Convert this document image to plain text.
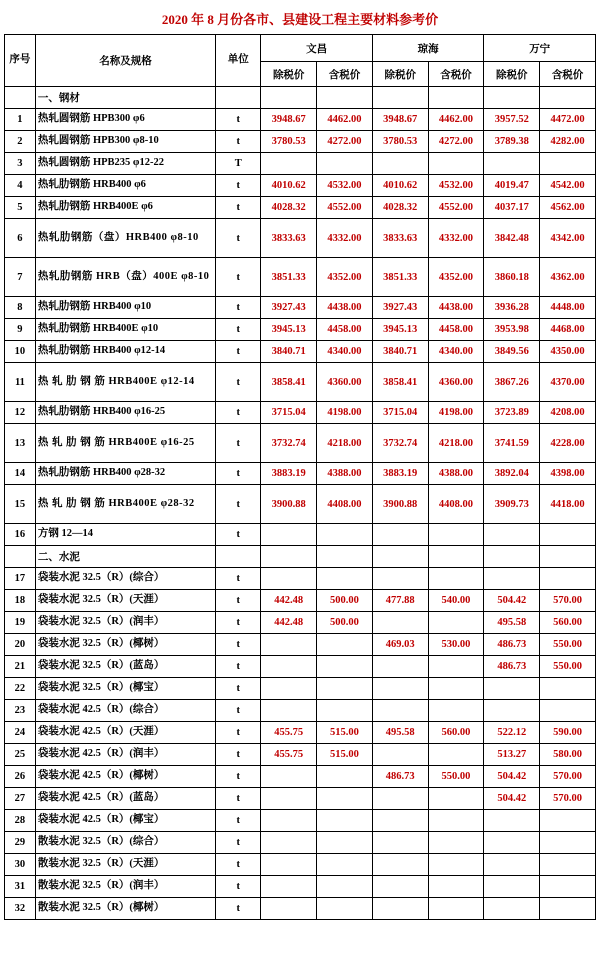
2020 年 8 月份各市、县建设工程主要材料参考价
序号	名称及规格	单位	文昌		琼海		万宁	
			除税价	含税价	除税价	含税价	除税价	含税价
	一、钢材							
1	热轧圆钢筋 HPB300 φ6	t	3948.67	4462.00	3948.67	4462.00	3957.52	4472.00
2	热轧圆钢筋 HPB300 φ8-10	t	3780.53	4272.00	3780.53	4272.00	3789.38	4282.00
3	热轧圆钢筋 HPB235 φ12-22	T						
4	热轧肋钢筋 HRB400 φ6	t	4010.62	4532.00	4010.62	4532.00	4019.47	4542.00
5	热轧肋钢筋 HRB400E φ6	t	4028.32	4552.00	4028.32	4552.00	4037.17	4562.00
6	热轧肋钢筋（盘）HRB400 φ8-10	t	3833.63	4332.00	3833.63	4332.00	3842.48	4342.00
7	热轧肋钢筋 HRB（盘）400E φ8-10	t	3851.33	4352.00	3851.33	4352.00	3860.18	4362.00
8	热轧肋钢筋 HRB400 φ10	t	3927.43	4438.00	3927.43	4438.00	3936.28	4448.00
9	热轧肋钢筋 HRB400E φ10	t	3945.13	4458.00	3945.13	4458.00	3953.98	4468.00
10	热轧肋钢筋 HRB400 φ12-14	t	3840.71	4340.00	3840.71	4340.00	3849.56	4350.00
11	热 轧 肋 钢 筋 HRB400E φ12-14	t	3858.41	4360.00	3858.41	4360.00	3867.26	4370.00
12	热轧肋钢筋 HRB400 φ16-25	t	3715.04	4198.00	3715.04	4198.00	3723.89	4208.00
13	热 轧 肋 钢 筋 HRB400E φ16-25	t	3732.74	4218.00	3732.74	4218.00	3741.59	4228.00
14	热轧肋钢筋 HRB400 φ28-32	t	3883.19	4388.00	3883.19	4388.00	3892.04	4398.00
15	热 轧 肋 钢 筋 HRB400E φ28-32	t	3900.88	4408.00	3900.88	4408.00	3909.73	4418.00
16	方钢 12—14	t						
	二、水泥							
17	袋装水泥 32.5（R）(综合）	t						
18	袋装水泥 32.5（R）(天涯）	t	442.48	500.00	477.88	540.00	504.42	570.00
19	袋装水泥 32.5（R）(润丰）	t	442.48	500.00			495.58	560.00
20	袋装水泥 32.5（R）(椰树）	t			469.03	530.00	486.73	550.00
21	袋装水泥 32.5（R）(蓝岛）	t					486.73	550.00
22	袋装水泥 32.5（R）(椰宝）	t						
23	袋装水泥 42.5（R）(综合）	t						
24	袋装水泥 42.5（R）(天涯）	t	455.75	515.00	495.58	560.00	522.12	590.00
25	袋装水泥 42.5（R）(润丰）	t	455.75	515.00			513.27	580.00
26	袋装水泥 42.5（R）(椰树）	t			486.73	550.00	504.42	570.00
27	袋装水泥 42.5（R）(蓝岛）	t					504.42	570.00
28	袋装水泥 42.5（R）(椰宝）	t						
29	散装水泥 32.5（R）(综合）	t						
30	散装水泥 32.5（R）(天涯）	t						
31	散装水泥 32.5（R）(润丰）	t						
32	散装水泥 32.5（R）(椰树）	t						
